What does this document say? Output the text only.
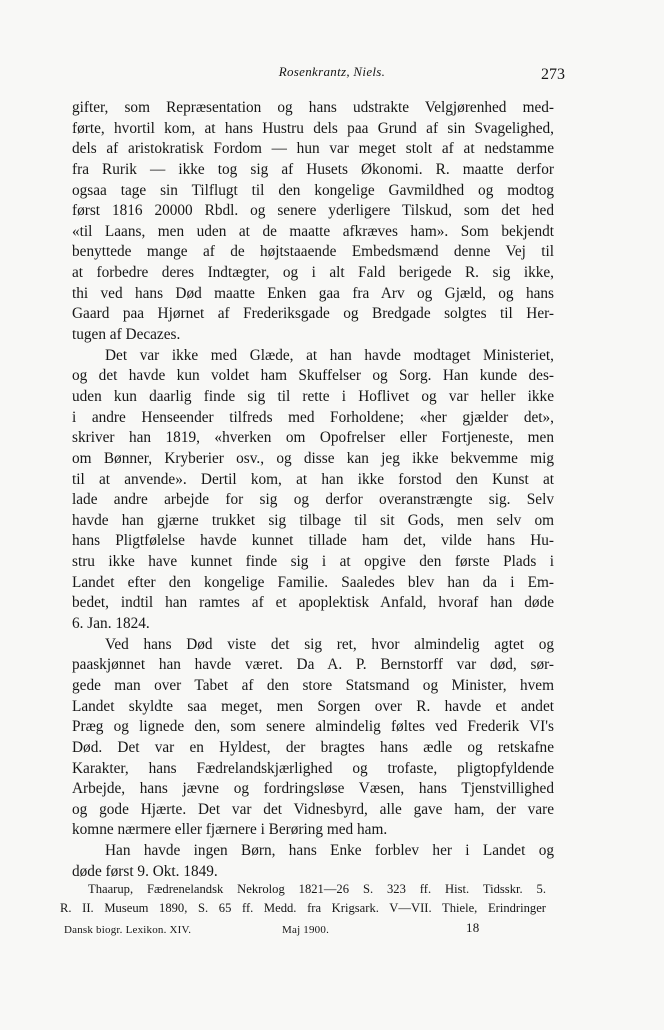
Rosenkrantz, Niels.	273
gifter, som Repræsentation og hans udstrakte Velgjørenhed med-
førte, hvortil kom, at hans Hustru dels paa Grund af sin Svagelighed,
dels af aristokratisk Fordom — hun var meget stolt af at nedstamme
fra Rurik — ikke tog sig af Husets Økonomi. R. maatte derfor
ogsaa tage sin Tilflugt til den kongelige Gavmildhed og modtog
først 1816 20000 Rbdl. og senere yderligere Tilskud, som det hed
«til Laans, men uden at de maatte afkræves ham». Som bekjendt
benyttede mange af de højtstaaende Embedsmænd denne Vej til
at forbedre deres Indtægter, og i alt Fald berigede R. sig ikke,
thi ved hans Død maatte Enken gaa fra Arv og Gjæld, og hans
Gaard paa Hjørnet af Frederiksgade og Bredgade solgtes til Her-
tugen af Decazes.
Det var ikke med Glæde, at han havde modtaget Ministeriet,
og det havde kun voldet ham Skuffelser og Sorg. Han kunde des-
uden kun daarlig finde sig til rette i Hoflivet og var heller ikke
i andre Henseender tilfreds med Forholdene; «her gjælder det»,
skriver han 1819, «hverken om Opofrelser eller Fortjeneste, men
om Bønner, Kryberier osv., og disse kan jeg ikke bekvemme mig
til at anvende». Dertil kom, at han ikke forstod den Kunst at
lade andre arbejde for sig og derfor overanstrængte sig. Selv
havde han gjærne trukket sig tilbage til sit Gods, men selv om
hans Pligtfølelse havde kunnet tillade ham det, vilde hans Hu-
stru ikke have kunnet finde sig i at opgive den første Plads i
Landet efter den kongelige Familie. Saaledes blev han da i Em-
bedet, indtil han ramtes af et apoplektisk Anfald, hvoraf han døde
6. Jan. 1824.
Ved hans Død viste det sig ret, hvor almindelig agtet og
paaskjønnet han havde været. Da A. P. Bernstorff var død, sør-
gede man over Tabet af den store Statsmand og Minister, hvem
Landet skyldte saa meget, men Sorgen over R. havde et andet
Præg og lignede den, som senere almindelig føltes ved Frederik VI's
Død. Det var en Hyldest, der bragtes hans ædle og retskafne
Karakter, hans Fædrelandskjærlighed og trofaste, pligtopfyldende
Arbejde, hans jævne og fordringsløse Væsen, hans Tjenstvillighed
og gode Hjærte. Det var det Vidnesbyrd, alle gave ham, der vare
komne nærmere eller fjærnere i Berøring med ham.
Han havde ingen Børn, hans Enke forblev her i Landet og
døde først 9. Okt. 1849.
Thaarup, Fædrenelandsk Nekrolog 1821—26 S. 323 ff. Hist. Tidsskr. 5.
R. II. Museum 1890, S. 65 ff. Medd. fra Krigsark. V—VII. Thiele, Erindringer
Dansk biogr. Lexikon. XIV.	Maj 1900.	18
